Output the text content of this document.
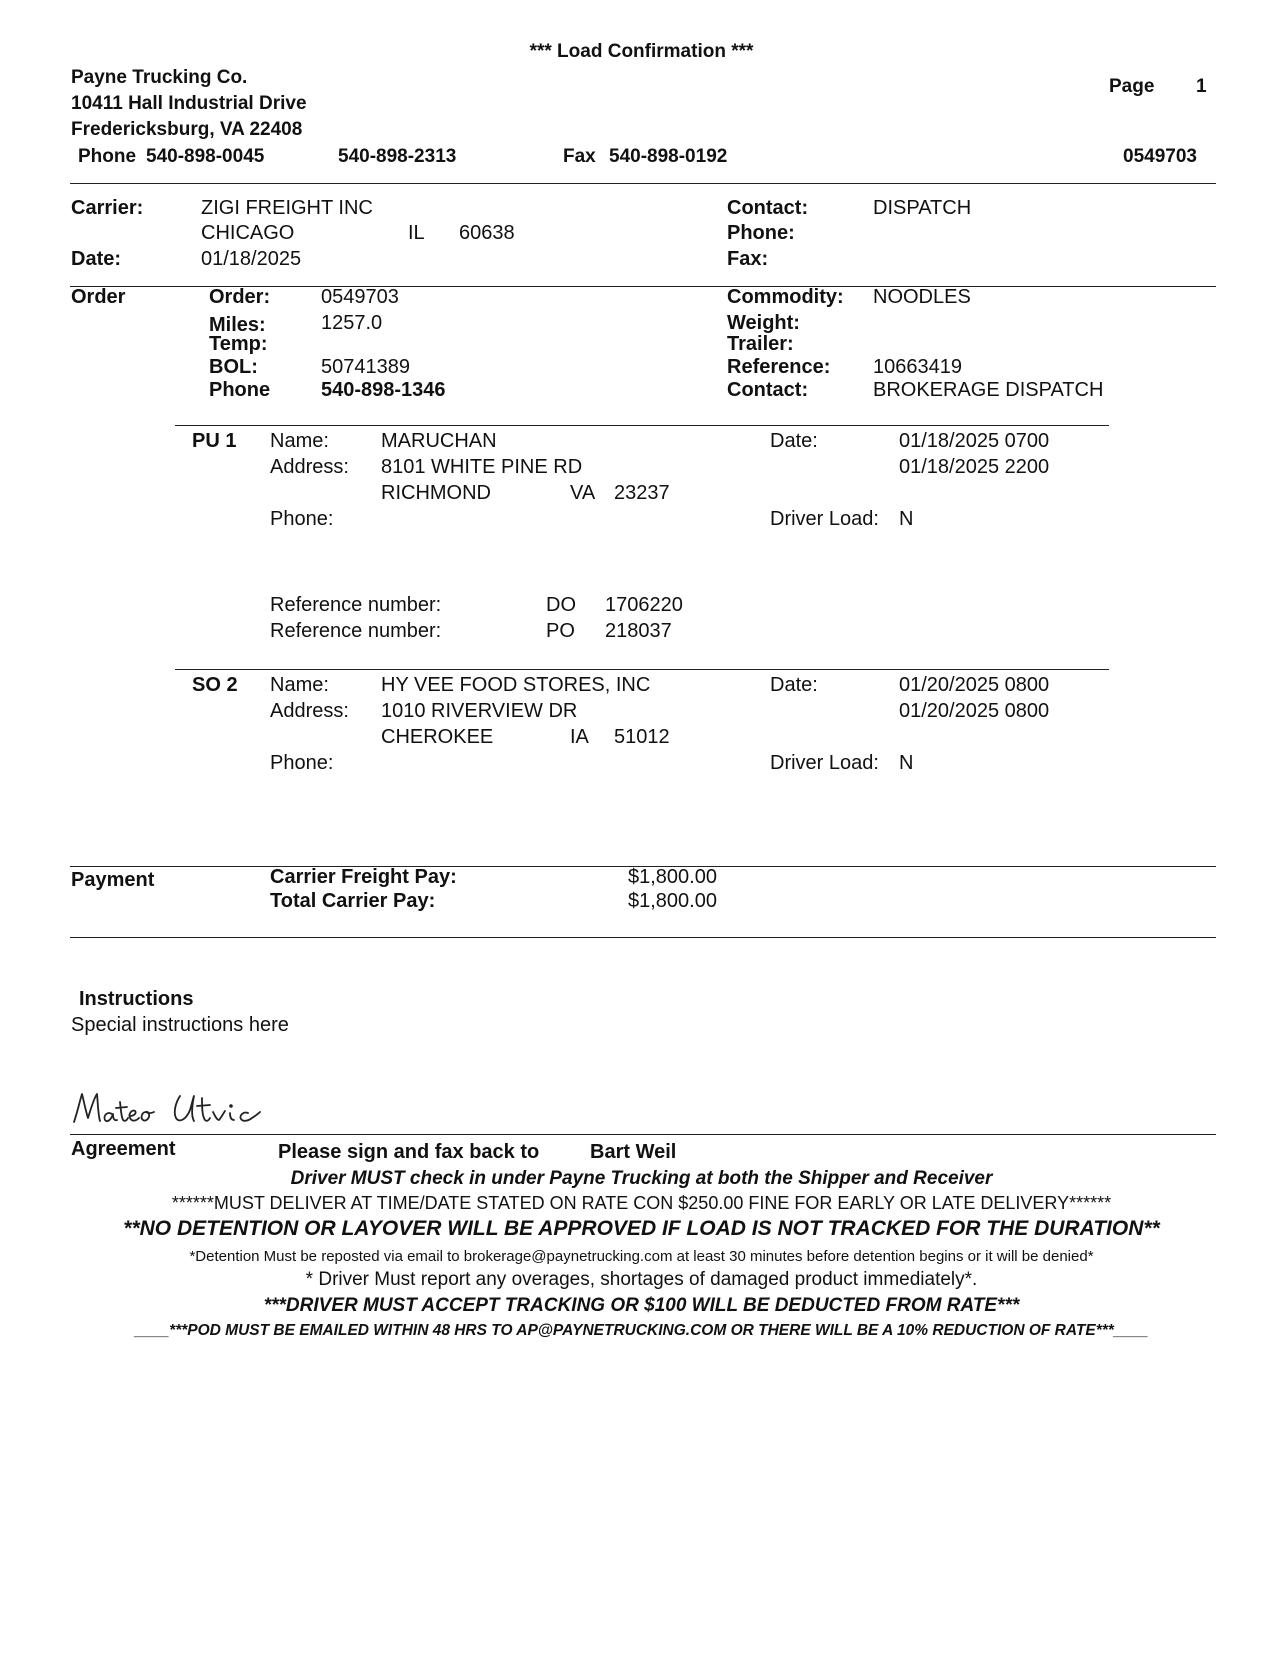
*** Load Confirmation ***
Payne Trucking Co.
10411 Hall Industrial Drive
Fredericksburg, VA 22408
Phone 540-898-0045	540-898-2313	Fax 540-898-0192
Page 1
0549703
Carrier:	ZIGI FREIGHT INC
CHICAGO	IL 60638
Date:	01/18/2025
Contact:	DISPATCH
Phone:
Fax:
Order	Order:	0549703
Miles:	1257.0
Temp:
BOL:	50741389
Phone	540-898-1346
Commodity: NOODLES
Weight:
Trailer:
Reference: 10663419
Contact:	BROKERAGE DISPATCH
PU 1 Name:	MARUCHAN
Address: 8101 WHITE PINE RD
RICHMOND	VA 23237
Phone:
Date:	01/18/2025 0700
01/18/2025 2200
Driver Load: N
Reference number:	DO 1706220
Reference number:	PO 218037
SO 2 Name:	HY VEE FOOD STORES, INC
Address: 1010 RIVERVIEW DR
CHEROKEE	IA 51012
Phone:
Date:	01/20/2025 0800
01/20/2025 0800
Driver Load: N
Payment	Carrier Freight Pay:	$1,800.00
Total Carrier Pay:	$1,800.00
Instructions
Special instructions here
Agreement	Please sign and fax back to	Bart Weil
Driver MUST check in under Payne Trucking at both the Shipper and Receiver
******MUST DELIVER AT TIME/DATE STATED ON RATE CON $250.00 FINE FOR EARLY OR LATE DELIVERY******
**NO DETENTION OR LAYOVER WILL BE APPROVED IF LOAD IS NOT TRACKED FOR THE DURATION**
*Detention Must be reposted via email to brokerage@paynetrucking.com at least 30 minutes before detention begins or it will be denied*
* Driver Must report any overages, shortages of damaged product immediately*.
***DRIVER MUST ACCEPT TRACKING OR $100 WILL BE DEDUCTED FROM RATE***
____***POD MUST BE EMAILED WITHIN 48 HRS TO AP@PAYNETRUCKING.COM OR THERE WILL BE A 10% REDUCTION OF RATE***____
